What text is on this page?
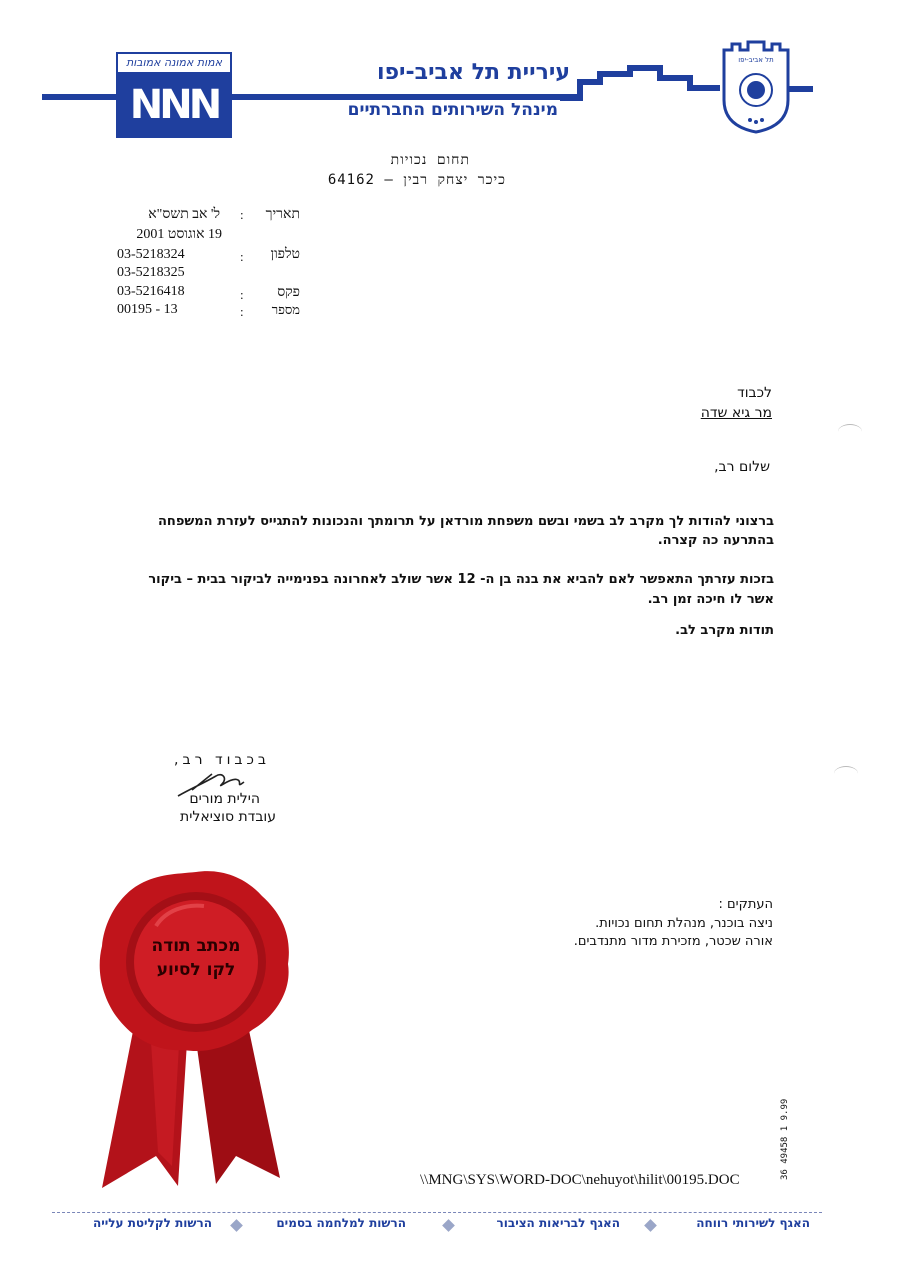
אמות אמונה אמובות
NNN
עיריית תל אביב-יפו
מינהל השירותים החברתיים
תל אביב-יפו
תחום נכויות
כיכר יצחק רבין – 64162
תאריך
טלפון
פקס
מספר
:
:
:
:
ל' אב תשס"א
19 אוגוסט 2001
03-5218324
03-5218325
03-5216418
00195 - 13
לכבוד
מר גיא שדה
שלום רב,
ברצוני להודות לך מקרב לב בשמי ובשם משפחת מורדאן על תרומתך והנכונות להתגייס לעזרת המשפחה
בהתרעה כה קצרה.
בזכות עזרתך התאפשר לאם להביא את בנה בן ה- 12 אשר שולב לאחרונה בפנימייה לביקור בבית – ביקור
אשר לו חיכה זמן רב.
תודות מקרב לב.
בכבוד רב,
הילית מורים
עובדת סוציאלית
העתקים :
ניצה בוכנר, מנהלת תחום נכויות.
אורה שכטר, מזכירת מדור מתנדבים.
מכתב תודה
לקו לסיוע
\\MNG\SYS\WORD-DOC\nehuyot\hilit\00195.DOC	36 49458 1 9.99
האגף לשירותי רווחה
האגף לבריאות הציבור
הרשות למלחמה בסמים
הרשות לקליטת עלייה
